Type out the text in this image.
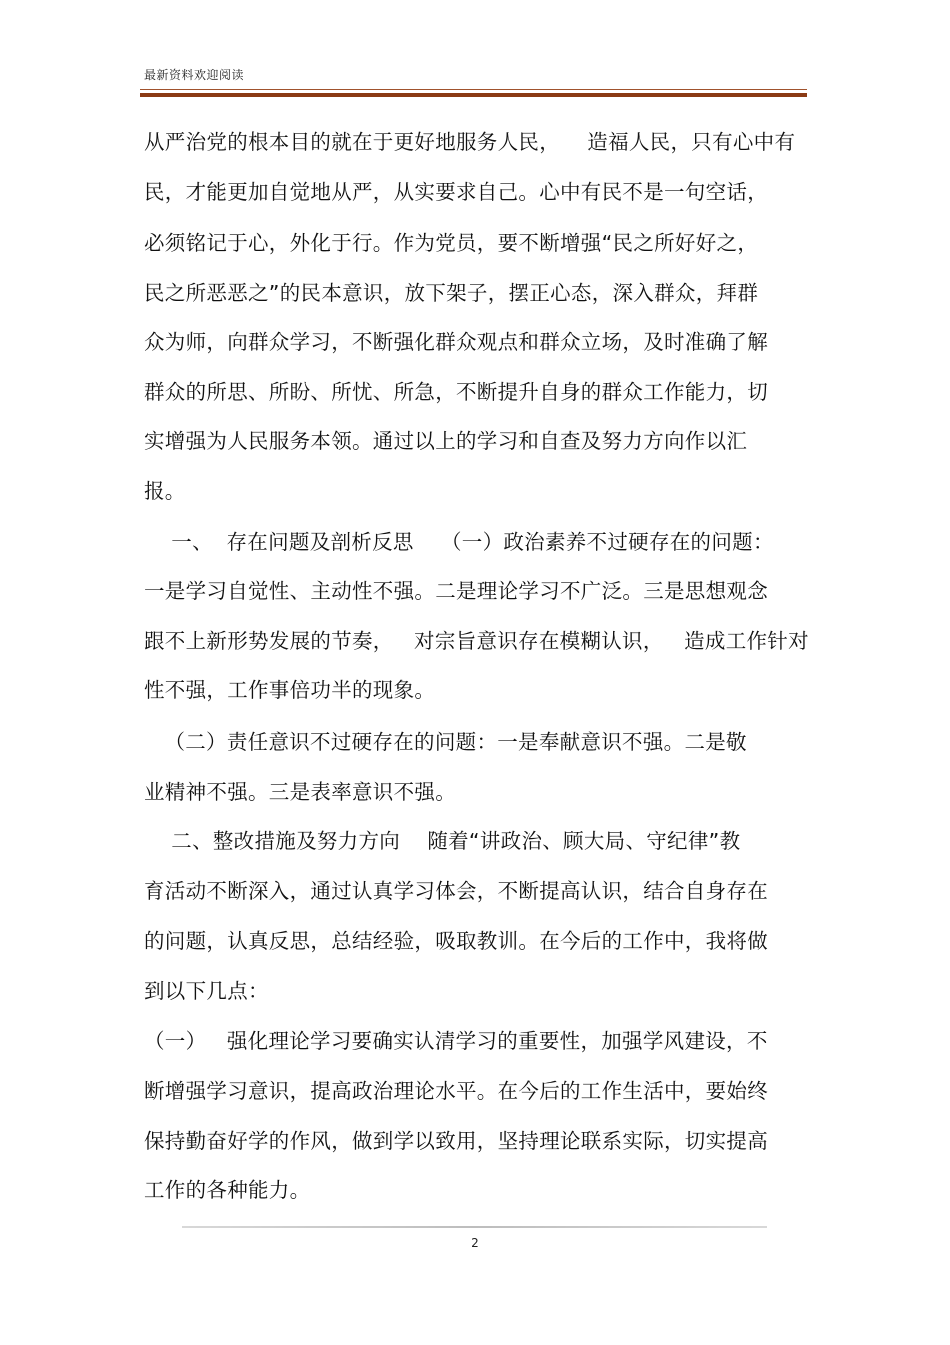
最新资料欢迎阅读
从严治党的根本目的就在于更好地服务人民，    造福人民，只有心中有
民，才能更加自觉地从严，从实要求自己。心中有民不是一句空话，
必须铭记于心，外化于行。作为党员，要不断增强“民之所好好之，
民之所恶恶之”的民本意识，放下架子，摆正心态，深入群众，拜群
众为师，向群众学习，不断强化群众观点和群众立场，及时准确了解
群众的所思、所盼、所忧、所急，不断提升自身的群众工作能力，切
实增强为人民服务本领。通过以上的学习和自查及努力方向作以汇
报。
一、  存在问题及剖析反思    （一）政治素养不过硬存在的问题：
一是学习自觉性、主动性不强。二是理论学习不广泛。三是思想观念
跟不上新形势发展的节奏，   对宗旨意识存在模糊认识，   造成工作针对
性不强，工作事倍功半的现象。
（二）责任意识不过硬存在的问题：一是奉献意识不强。二是敬
业精神不强。三是表率意识不强。
二、整改措施及努力方向    随着“讲政治、顾大局、守纪律”教
育活动不断深入，通过认真学习体会，不断提高认识，结合自身存在
的问题，认真反思，总结经验，吸取教训。在今后的工作中，我将做
到以下几点：
（一）   强化理论学习要确实认清学习的重要性，加强学风建设，不
断增强学习意识，提高政治理论水平。在今后的工作生活中，要始终
保持勤奋好学的作风，做到学以致用，坚持理论联系实际，切实提高
工作的各种能力。
2
